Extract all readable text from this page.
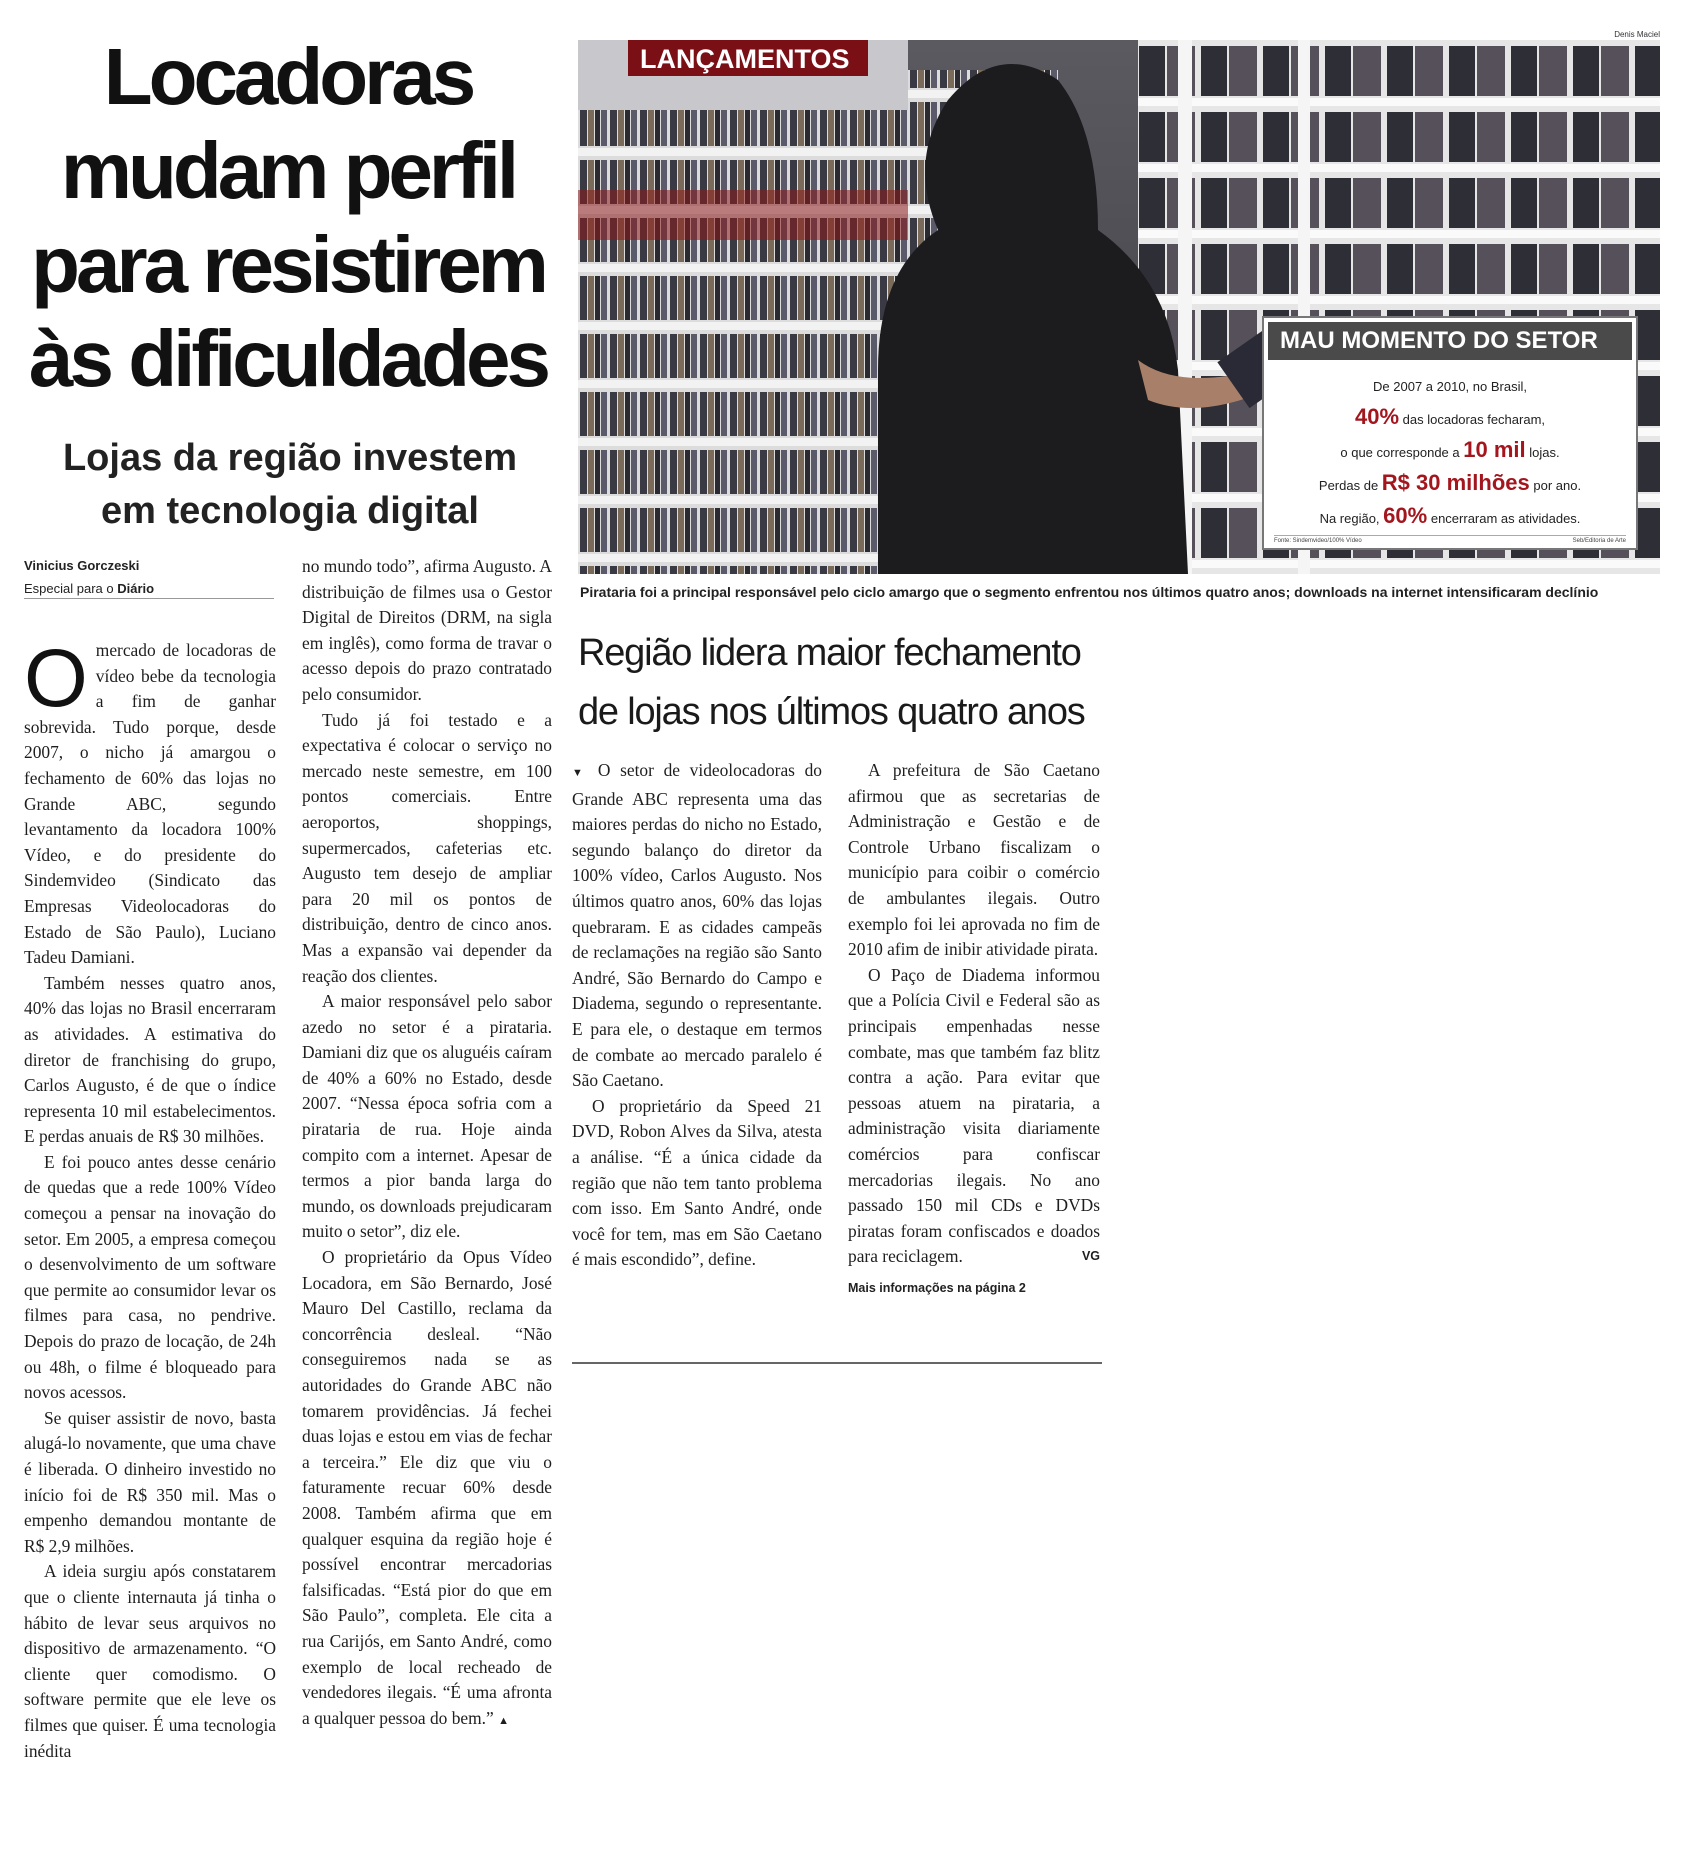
Locadoras
mudam perfil
para resistirem
às dificuldades
Lojas da região investem
em tecnologia digital
Vinicius Gorczeski
Especial para o Diário

Omercado de locadoras de vídeo bebe da tecnologia a fim de ganhar sobrevida. Tudo porque, desde 2007, o nicho já amargou o fechamento de 60% das lojas no Grande ABC, segundo levantamento da locadora 100% Vídeo, e do presidente do Sindemvideo (Sindicato das Empresas Videolocadoras do Estado de São Paulo), Luciano Tadeu Damiani.

Também nesses quatro anos, 40% das lojas no Brasil encerraram as atividades. A estimativa do diretor de franchising do grupo, Carlos Augusto, é de que o índice representa 10 mil estabelecimentos. E perdas anuais de R$ 30 milhões.

E foi pouco antes desse cenário de quedas que a rede 100% Vídeo começou a pensar na inovação do setor. Em 2005, a empresa começou o desenvolvimento de um software que permite ao consumidor levar os filmes para casa, no pendrive. Depois do prazo de locação, de 24h ou 48h, o filme é bloqueado para novos acessos.

Se quiser assistir de novo, basta alugá-lo novamente, que uma chave é liberada. O dinheiro investido no início foi de R$ 350 mil. Mas o empenho demandou montante de R$ 2,9 milhões.

A ideia surgiu após constatarem que o cliente internauta já tinha o hábito de levar seus arquivos no dispositivo de armazenamento. “O cliente quer comodismo. O software permite que ele leve os filmes que quiser. É uma tecnologia inédita

no mundo todo”, afirma Augusto. A distribuição de filmes usa o Gestor Digital de Direitos (DRM, na sigla em inglês), como forma de travar o acesso depois do prazo contratado pelo consumidor.

Tudo já foi testado e a expectativa é colocar o serviço no mercado neste semestre, em 100 pontos comerciais. Entre aeroportos, shoppings, supermercados, cafeterias etc. Augusto tem desejo de ampliar para 20 mil os pontos de distribuição, dentro de cinco anos. Mas a expansão vai depender da reação dos clientes.

A maior responsável pelo sabor azedo no setor é a pirataria. Damiani diz que os aluguéis caíram de 40% a 60% no Estado, desde 2007. “Nessa época sofria com a pirataria de rua. Hoje ainda compito com a internet. Apesar de termos a pior banda larga do mundo, os downloads prejudicaram muito o setor”, diz ele.

O proprietário da Opus Vídeo Locadora, em São Bernardo, José Mauro Del Castillo, reclama da concorrência desleal. “Não conseguiremos nada se as autoridades do Grande ABC não tomarem providências. Já fechei duas lojas e estou em vias de fechar a terceira.” Ele diz que viu o faturamente recuar 60% desde 2008. Também afirma que em qualquer esquina da região hoje é possível encontrar mercadorias falsificadas. “Está pior do que em São Paulo”, completa. Ele cita a rua Carijós, em Santo André, como exemplo de local recheado de vendedores ilegais. “É uma afronta a qualquer pessoa do bem.” ▲

Denis Maciel
LANÇAMENTOS
MAU MOMENTO DO SETOR
De 2007 a 2010, no Brasil,
40% das locadoras fecharam,
o que corresponde a 10 mil lojas.
Perdas de R$ 30 milhões por ano.
Na região, 60% encerraram as atividades.
Fonte: Sindemvideo/100% Vídeo	Seb/Editoria de Arte
Pirataria foi a principal responsável pelo ciclo amargo que o segmento enfrentou nos últimos quatro anos; downloads na internet intensificaram declínio
Região lidera maior fechamento
de lojas nos últimos quatro anos

▼ O setor de videolocadoras do Grande ABC representa uma das maiores perdas do nicho no Estado, segundo balanço do diretor da 100% vídeo, Carlos Augusto. Nos últimos quatro anos, 60% das lojas quebraram. E as cidades campeãs de reclamações na região são Santo André, São Bernardo do Campo e Diadema, segundo o representante. E para ele, o destaque em termos de combate ao mercado paralelo é São Caetano.

O proprietário da Speed 21 DVD, Robon Alves da Silva, atesta a análise. “É a única cidade da região que não tem tanto problema com isso. Em Santo André, onde você for tem, mas em São Caetano é mais escondido”, define.

A prefeitura de São Caetano afirmou que as secretarias de Administração e Gestão e de Controle Urbano fiscalizam o município para coibir o comércio de ambulantes ilegais. Outro exemplo foi lei aprovada no fim de 2010 afim de inibir atividade pirata.

O Paço de Diadema informou que a Polícia Civil e Federal são as principais empenhadas nesse combate, mas que também faz blitz contra a ação. Para evitar que pessoas atuem na pirataria, a administração visita diariamente comércios para confiscar mercadorias ilegais. No ano passado 150 mil CDs e DVDs piratas foram confiscados e doados para reciclagem.	VG

Mais informações na página 2
